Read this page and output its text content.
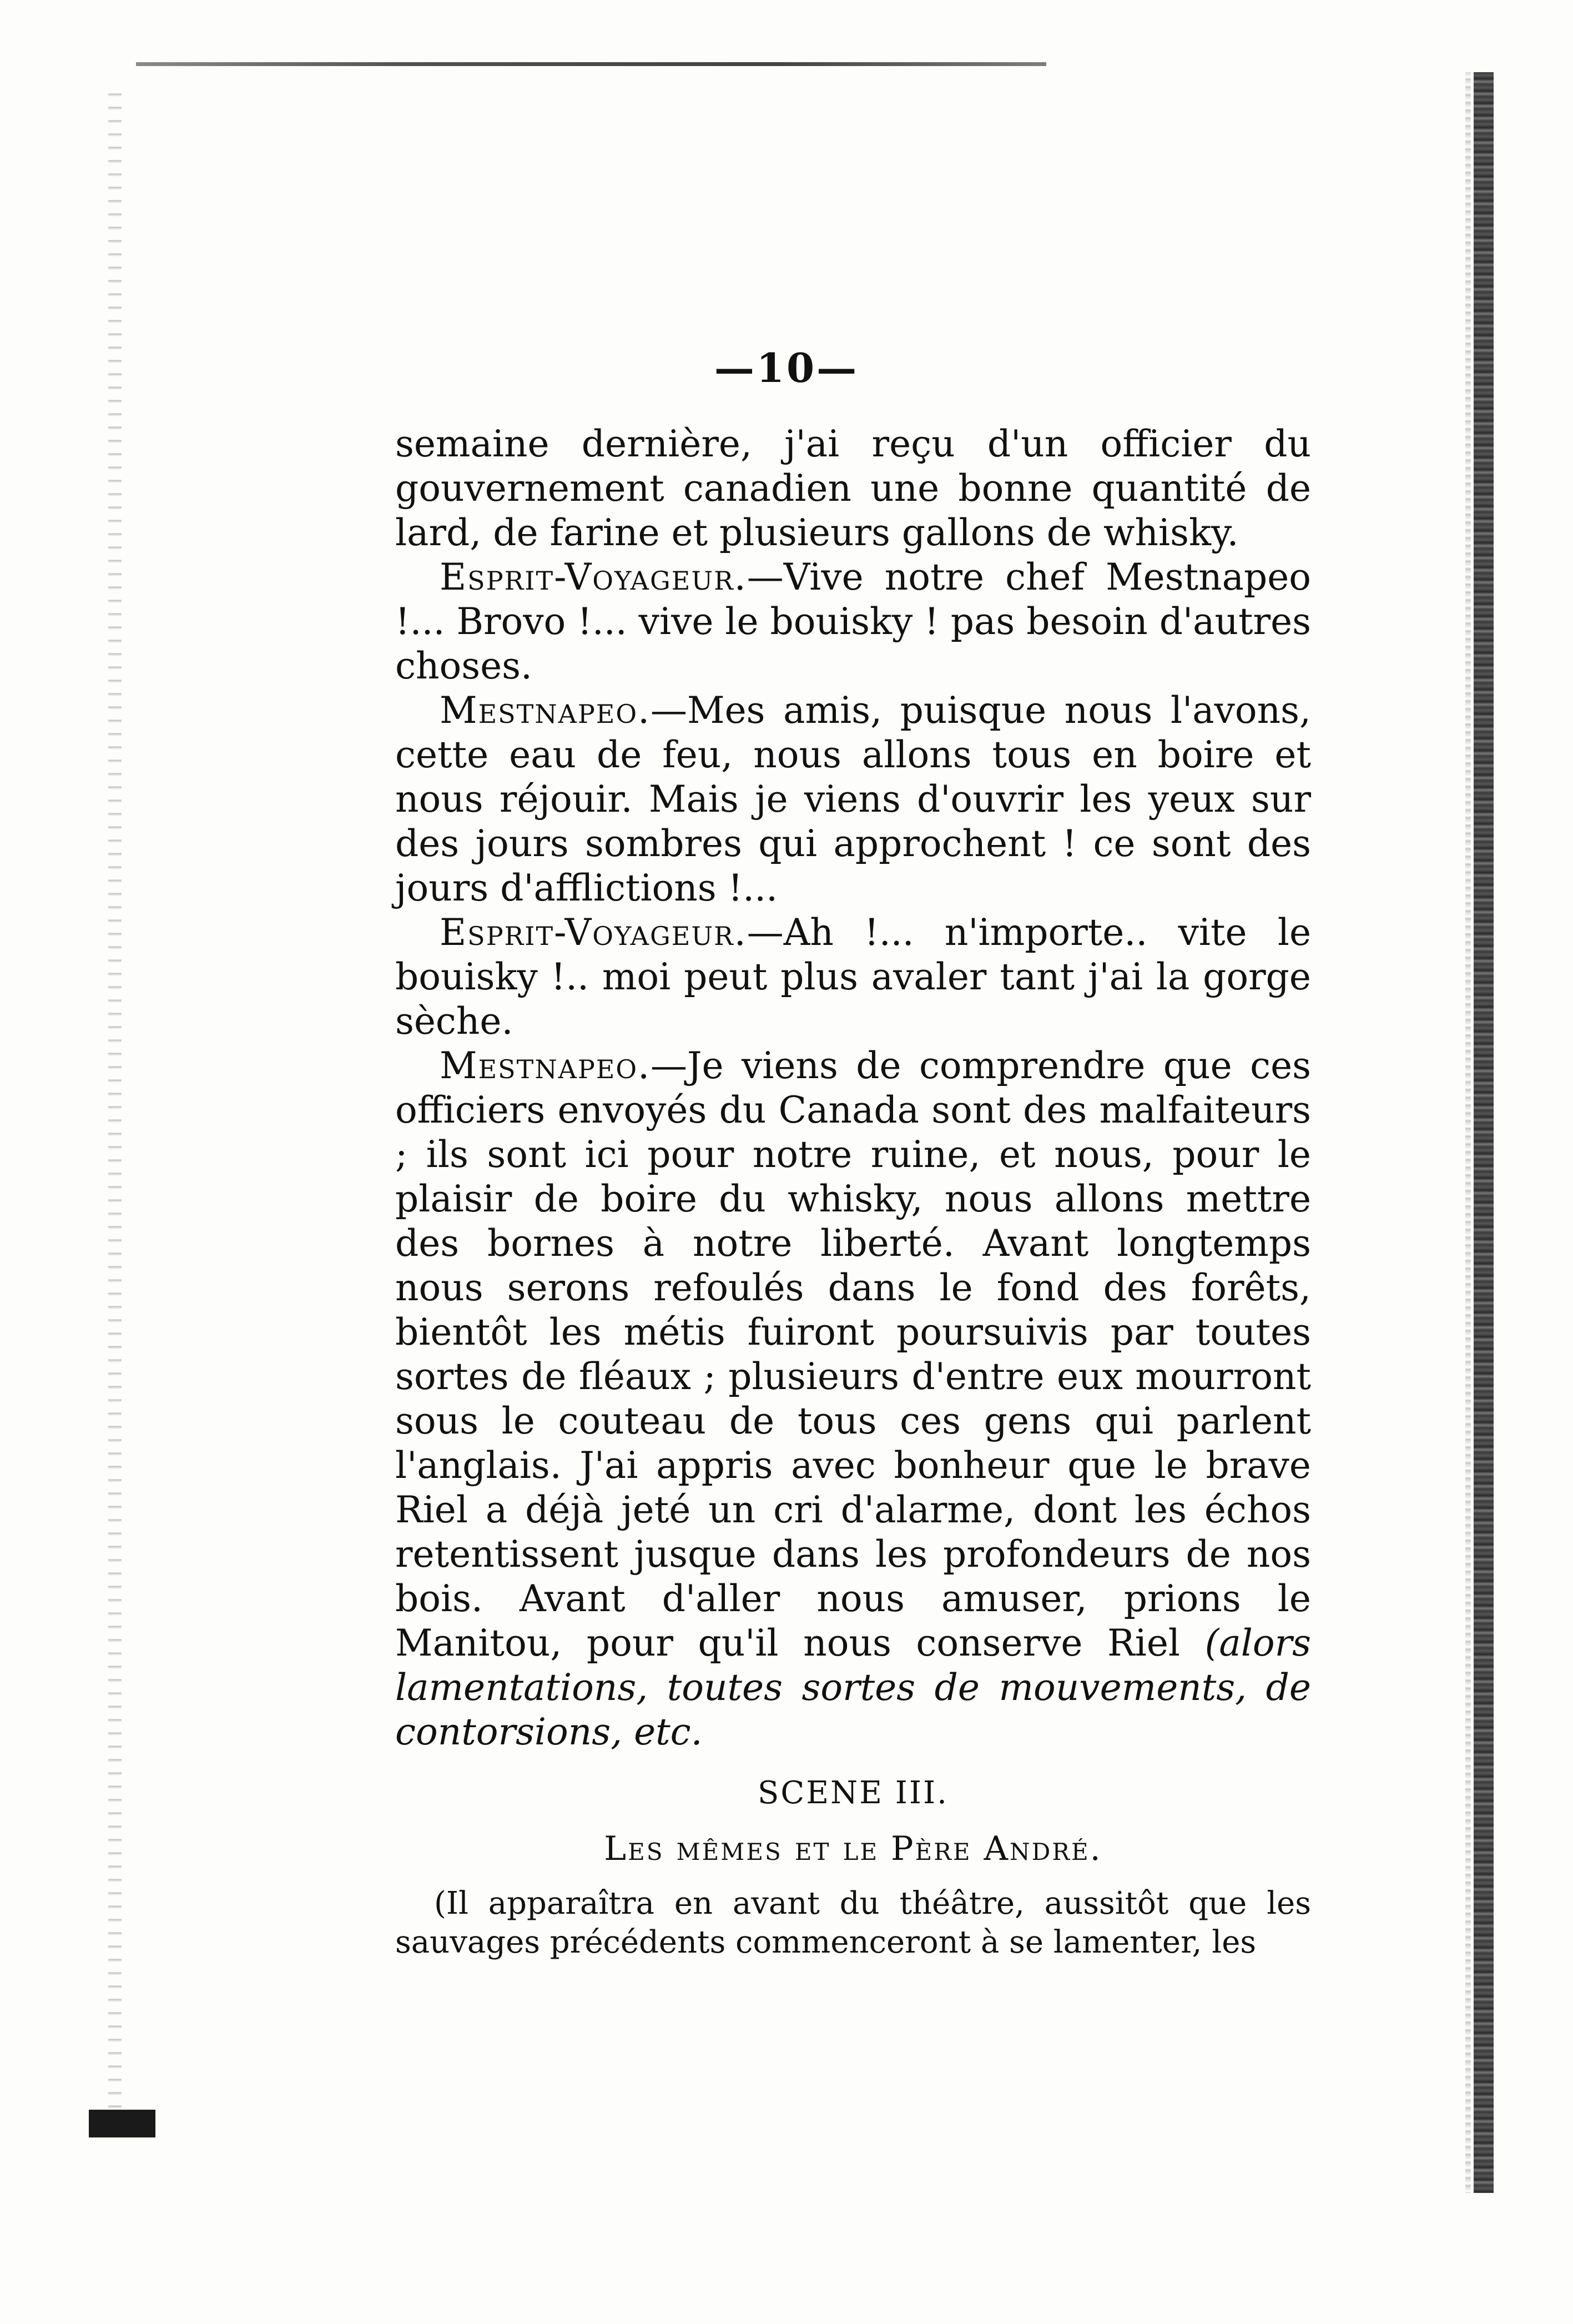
—10—

semaine dernière, j'ai reçu d'un officier du gouvernement canadien une bonne quantité de lard, de farine et plusieurs gallons de whisky.

Esprit-Voyageur.—Vive notre chef Mestnapeo !... Brovo !... vive le bouisky ! pas besoin d'autres choses.

Mestnapeo.—Mes amis, puisque nous l'avons, cette eau de feu, nous allons tous en boire et nous réjouir. Mais je viens d'ouvrir les yeux sur des jours sombres qui approchent ! ce sont des jours d'afflictions !...

Esprit-Voyageur.—Ah !... n'importe.. vite le bouisky !.. moi peut plus avaler tant j'ai la gorge sèche.

Mestnapeo.—Je viens de comprendre que ces officiers envoyés du Canada sont des malfaiteurs ; ils sont ici pour notre ruine, et nous, pour le plaisir de boire du whisky, nous allons mettre des bornes à notre liberté. Avant longtemps nous serons refoulés dans le fond des forêts, bientôt les métis fuiront poursuivis par toutes sortes de fléaux ; plusieurs d'entre eux mourront sous le couteau de tous ces gens qui parlent l'anglais. J'ai appris avec bonheur que le brave Riel a déjà jeté un cri d'alarme, dont les échos retentissent jusque dans les profondeurs de nos bois. Avant d'aller nous amuser, prions le Manitou, pour qu'il nous conserve Riel (alors lamentations, toutes sortes de mouvements, de contorsions, etc.

SCENE III.

Les mêmes et le Père André.

(Il apparaîtra en avant du théâtre, aussitôt que les sauvages précédents commenceront à se lamenter, les
